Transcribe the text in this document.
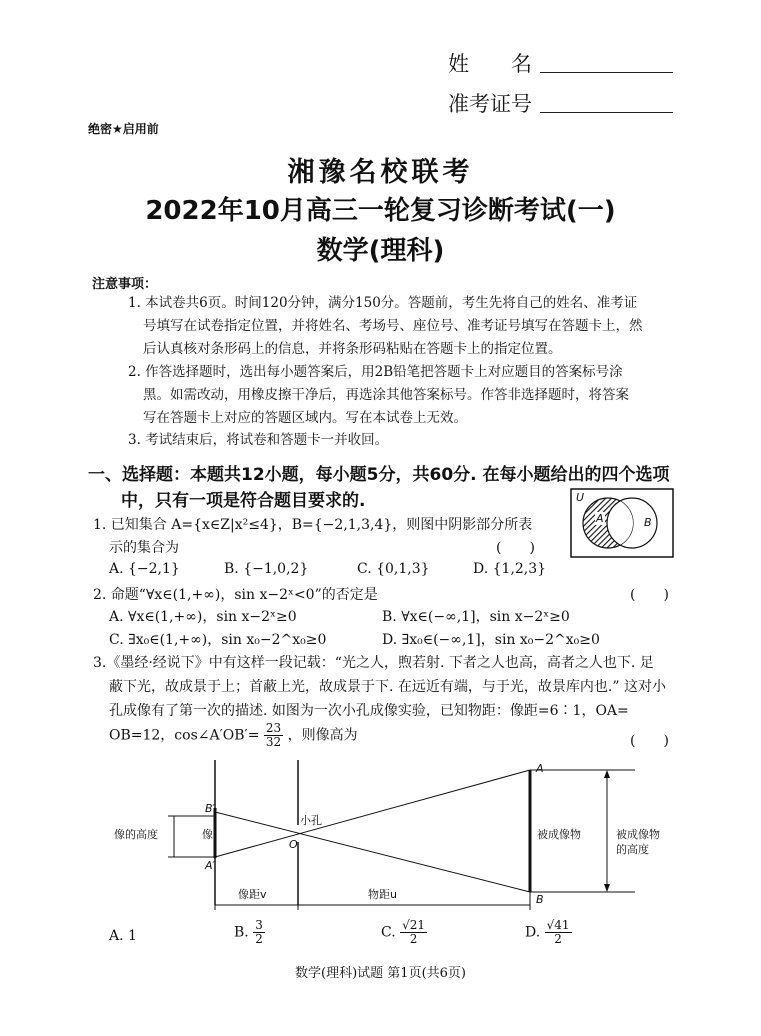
姓　　名
准考证号
绝密★启用前
湘豫名校联考
2022年10月高三一轮复习诊断考试(一)
数学(理科)
注意事项：
1. 本试卷共6页。时间120分钟，满分150分。答题前，考生先将自己的姓名、准考证
号填写在试卷指定位置，并将姓名、考场号、座位号、准考证号填写在答题卡上，然
后认真核对条形码上的信息，并将条形码粘贴在答题卡上的指定位置。
2. 作答选择题时，选出每小题答案后，用2B铅笔把答题卡上对应题目的答案标号涂
黑。如需改动，用橡皮擦干净后，再选涂其他答案标号。作答非选择题时，将答案
写在答题卡上对应的答题区域内。写在本试卷上无效。
3. 考试结束后，将试卷和答题卡一并收回。
一、选择题：本题共12小题，每小题5分，共60分. 在每小题给出的四个选项
中，只有一项是符合题目要求的.
1. 已知集合 A={x∈Z|x²≤4}，B={−2,1,3,4}，则图中阴影部分所表
示的集合为	(　　)
A. {−2,1}	B. {−1,0,2}	C. {0,1,3}	D. {1,2,3}
U
A	B
2. 命题“∀x∈(1,+∞)，sin x−2ˣ<0”的否定是	(　　)
A. ∀x∈(1,+∞)，sin x−2ˣ≥0	B. ∀x∈(−∞,1]，sin x−2ˣ≥0
C. ∃x₀∈(1,+∞)，sin x₀−2^x₀≥0	D. ∃x₀∈(−∞,1]，sin x₀−2^x₀≥0
3.《墨经·经说下》中有这样一段记载：“光之人，煦若射. 下者之人也高，高者之人也下. 足
蔽下光，故成景于上；首蔽上光，故成景于下. 在远近有端，与于光，故景库内也.” 这对小
孔成像有了第一次的描述. 如图为一次小孔成像实验，已知物距：像距=6∶1，OA=
OB=12，cos∠A′OB′= $\frac{23}{32}$ ，则像高为	(　　)
像的高度	像
小孔
O
B′
A′
A
B
被成像物	被成像物
的高度
像距v	物距u
A. 1	B. $\frac{3}{2}$	C. $\frac{√21}{2}$	D. $\frac{√41}{2}$
数学(理科)试题 第1页(共6页)
